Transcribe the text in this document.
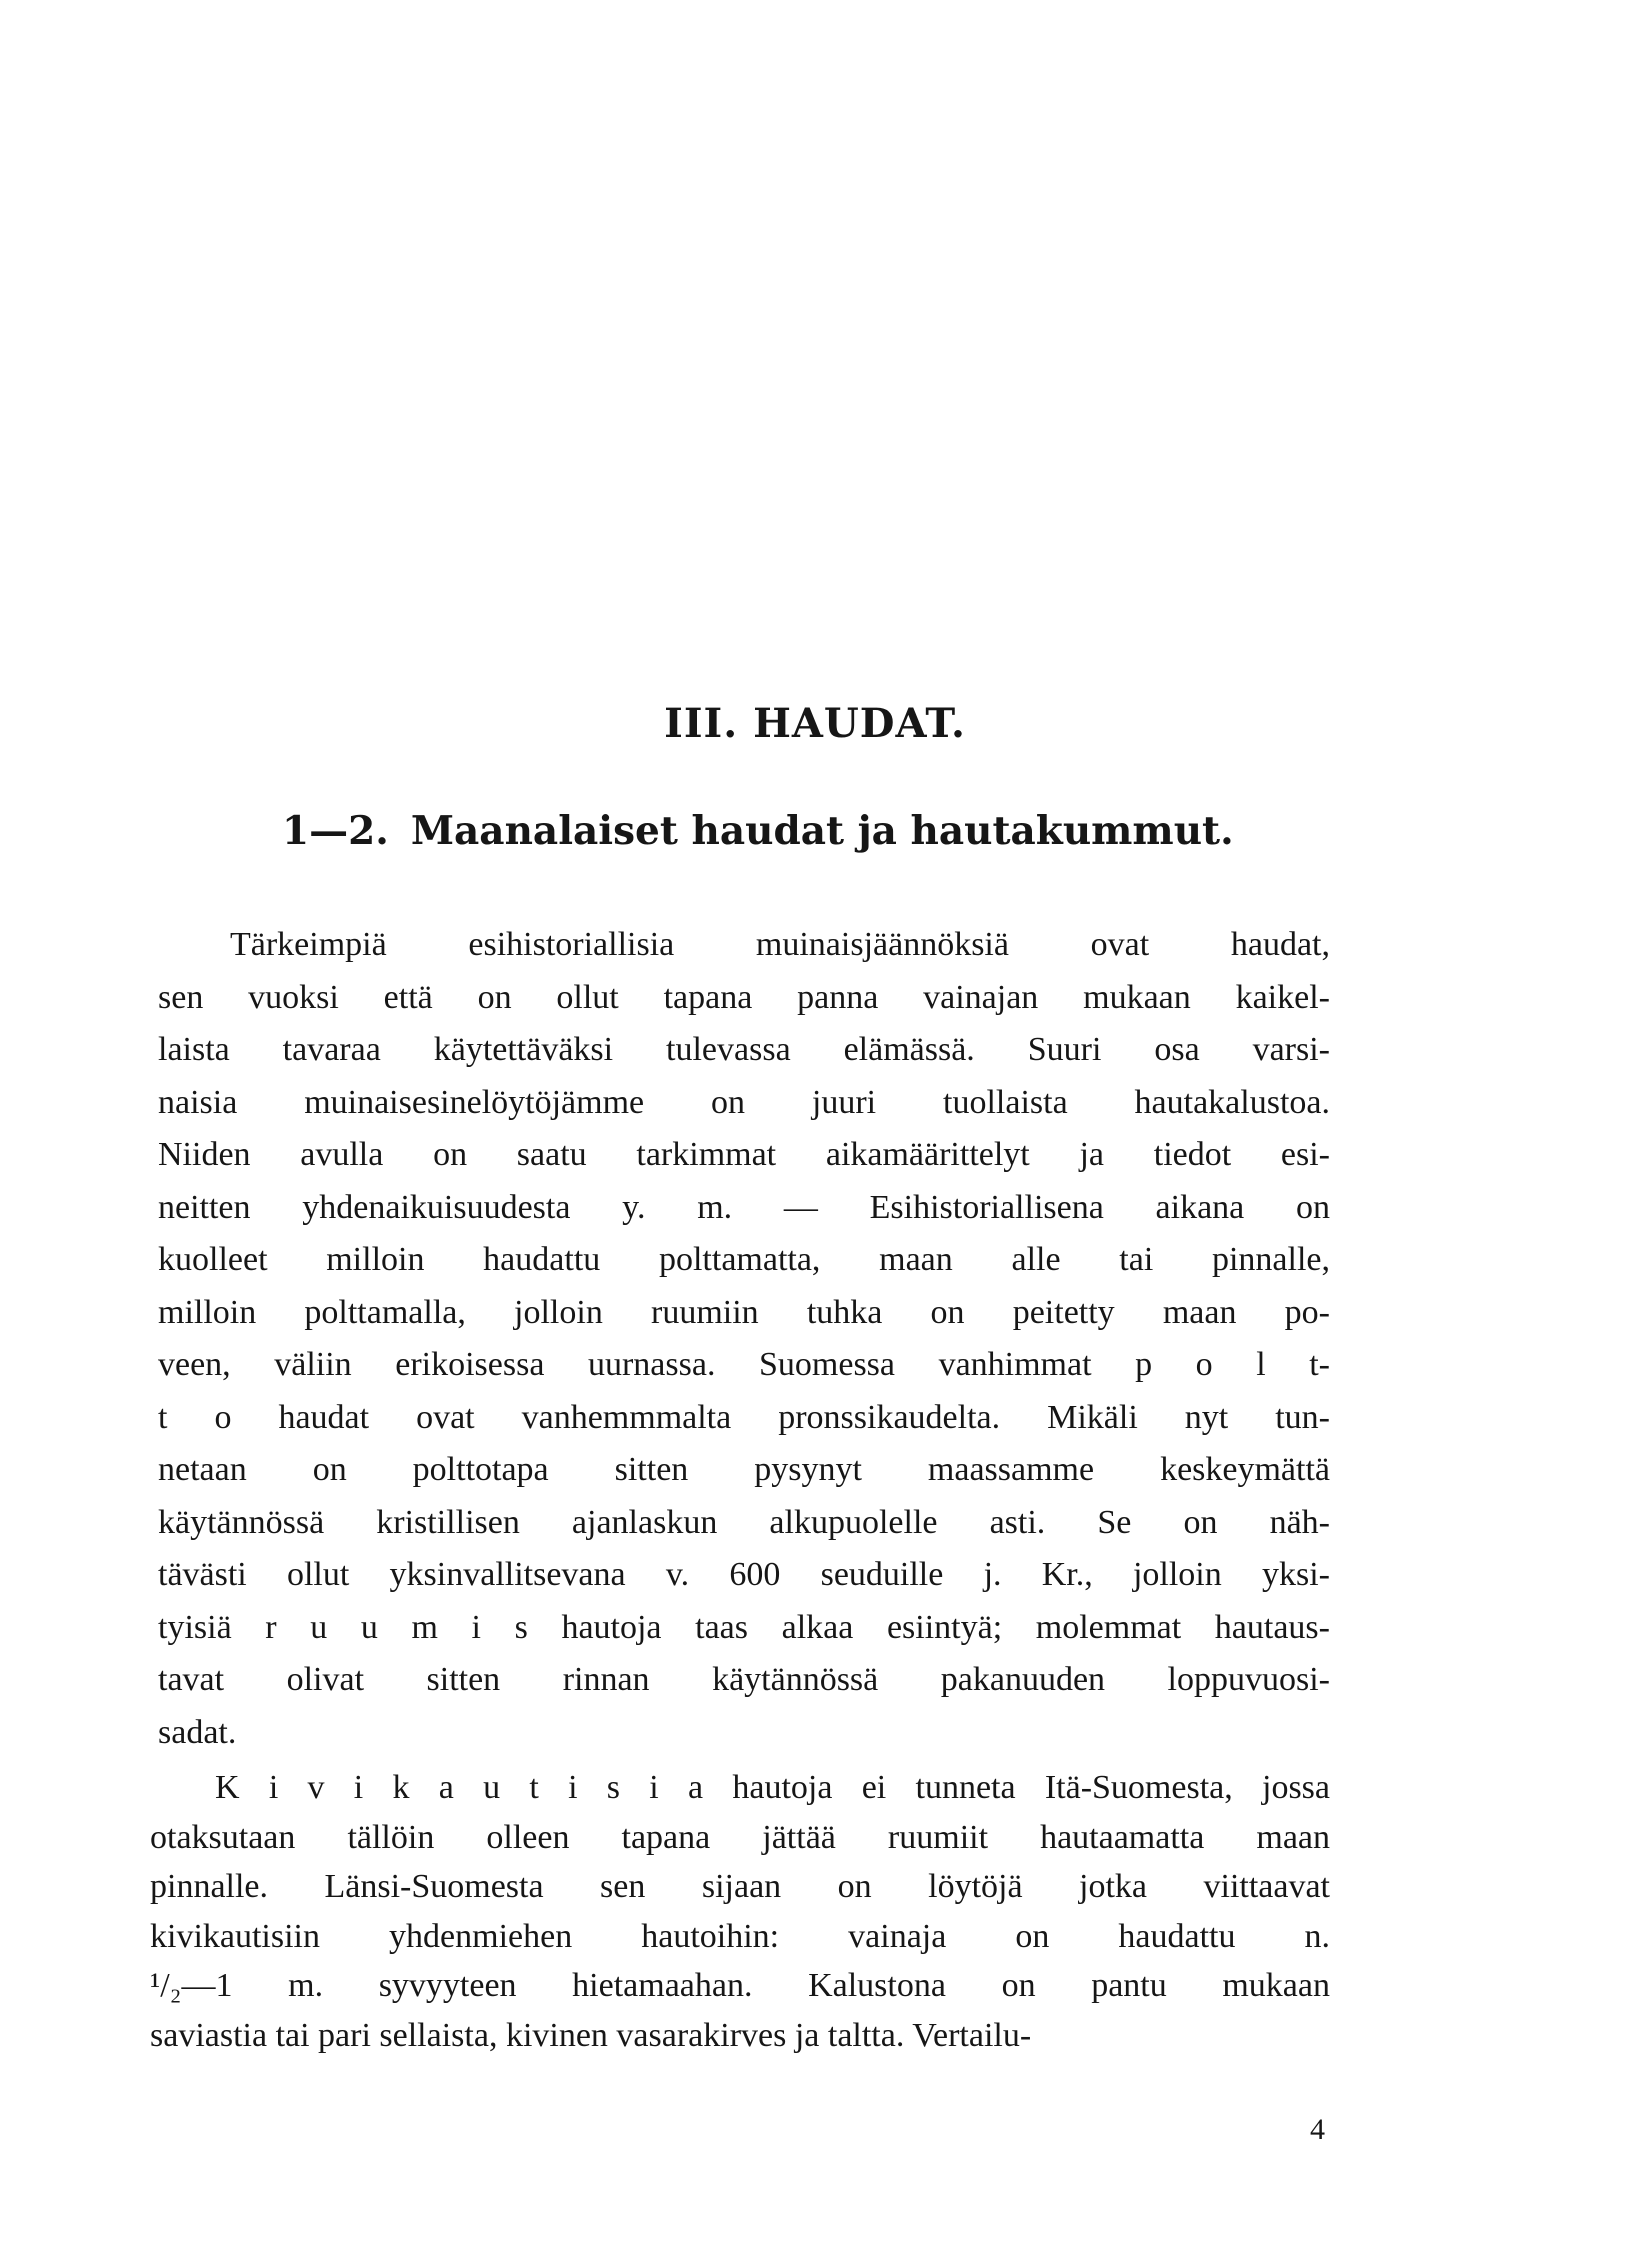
III. HAUDAT.
1—2. Maanalaiset haudat ja hautakummut.
Tärkeimpiä esihistoriallisia muinaisjäännöksiä ovat haudat,
sen vuoksi että on ollut tapana panna vainajan mukaan kaikel-
laista tavaraa käytettäväksi tulevassa elämässä. Suuri osa varsi-
naisia muinaisesinelöytöjämme on juuri tuollaista hautakalustoa.
Niiden avulla on saatu tarkimmat aikamäärittelyt ja tiedot esi-
neitten yhdenaikuisuudesta y. m. — Esihistoriallisena aikana on
kuolleet milloin haudattu polttamatta, maan alle tai pinnalle,
milloin polttamalla, jolloin ruumiin tuhka on peitetty maan po-
veen, väliin erikoisessa uurnassa. Suomessa vanhimmat p o l t-
t o haudat ovat vanhemmmalta pronssikaudelta. Mikäli nyt tun-
netaan on polttotapa sitten pysynyt maassamme keskeymättä
käytännössä kristillisen ajanlaskun alkupuolelle asti. Se on näh-
tävästi ollut yksinvallitsevana v. 600 seuduille j. Kr., jolloin yksi-
tyisiä r u u m i s hautoja taas alkaa esiintyä; molemmat hautaus-
tavat olivat sitten rinnan käytännössä pakanuuden loppuvuosi-
sadat.
K i v i k a u t i s i a hautoja ei tunneta Itä-Suomesta, jossa
otaksutaan tällöin olleen tapana jättää ruumiit hautaamatta maan
pinnalle. Länsi-Suomesta sen sijaan on löytöjä jotka viittaavat
kivikautisiin yhdenmiehen hautoihin: vainaja on haudattu n.
¹/₂—1 m. syvyyteen hietamaahan. Kalustona on pantu mukaan
saviastia tai pari sellaista, kivinen vasarakirves ja taltta. Vertailu-

4
